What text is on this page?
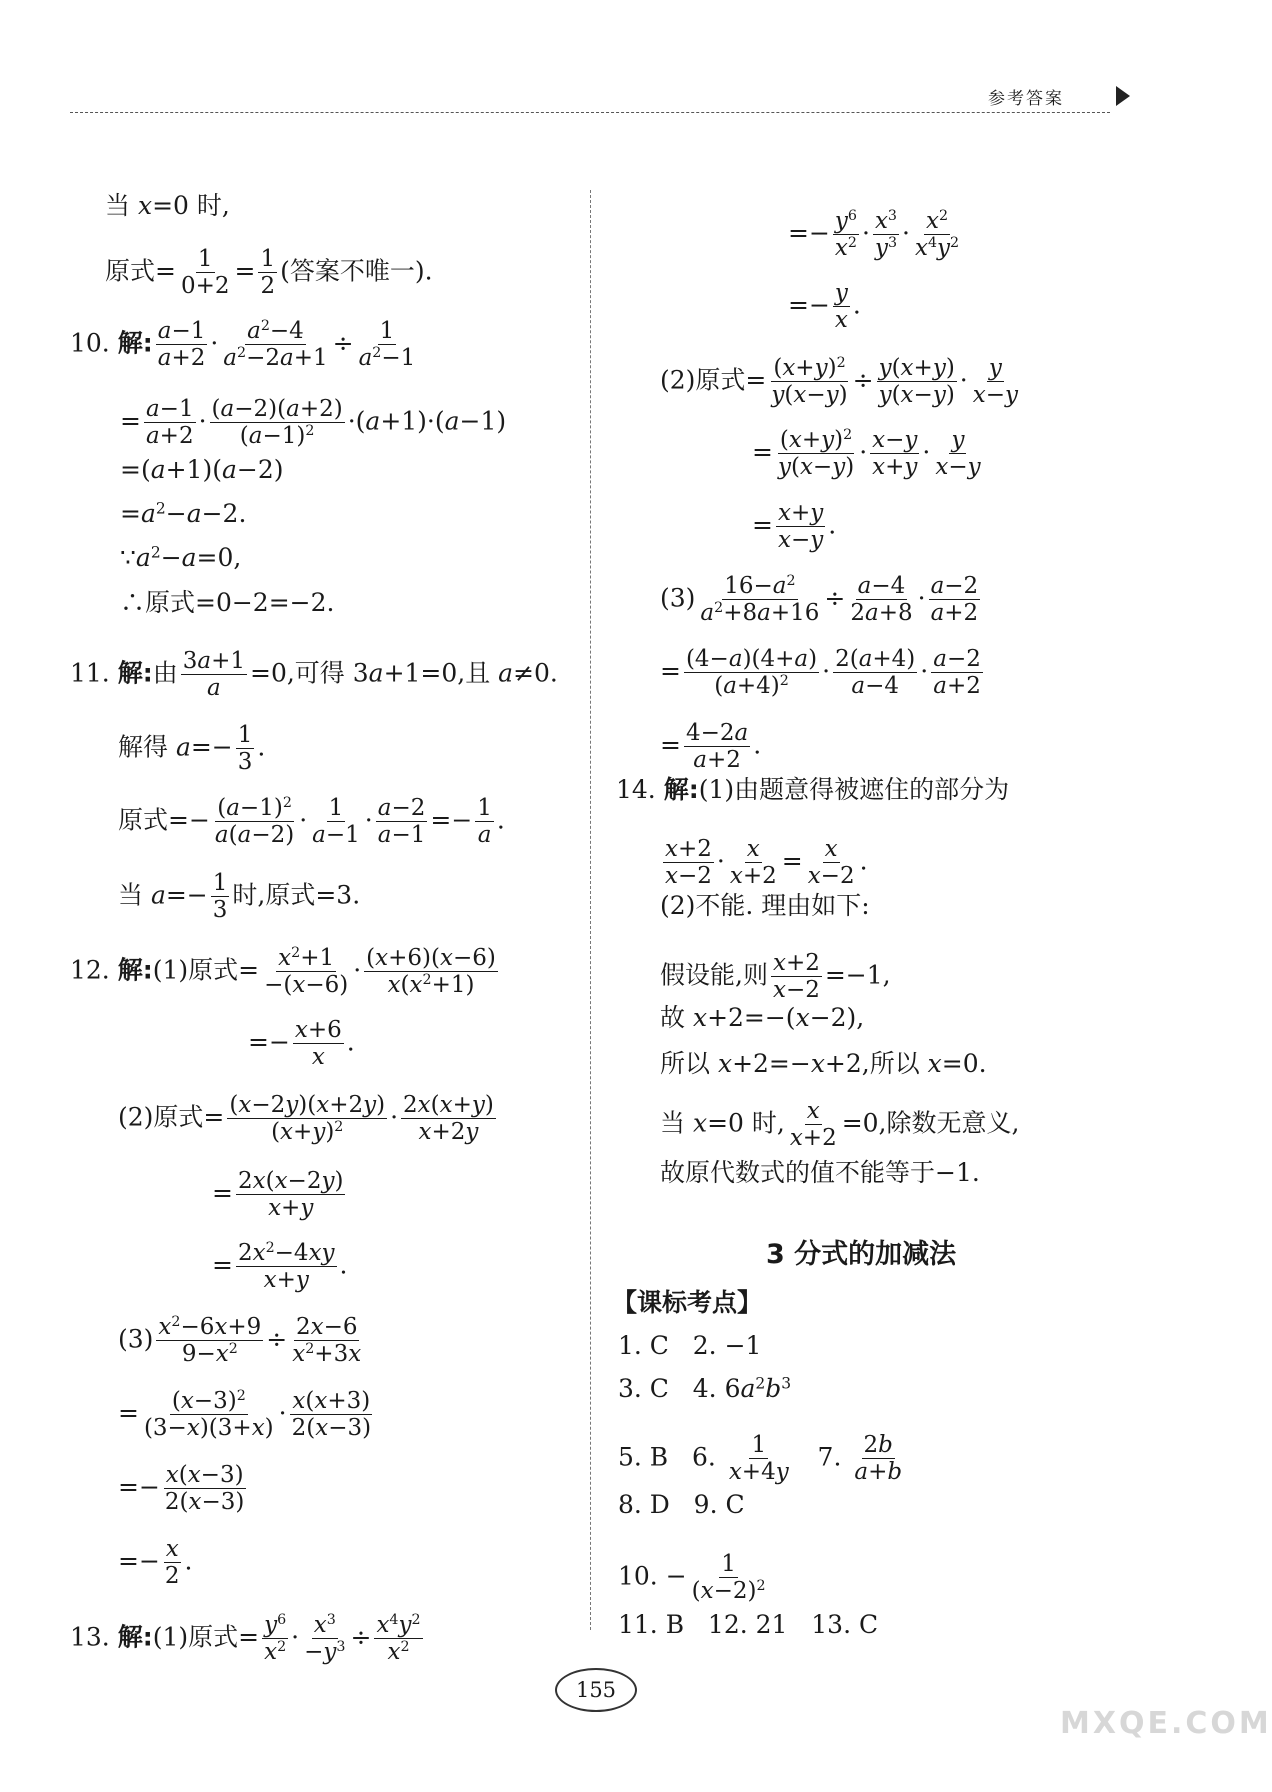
参考答案
当 x=0 时,
原式= $\frac{1}{0+2} = \frac{1}{2}$ (答案不唯一).
10. 解: $\frac{a-1}{a+2} \cdot \frac{a^2-4}{a^2-2a+1} \div \frac{1}{a^2-1}$
= $\frac{a-1}{a+2} \cdot \frac{(a-2)(a+2)}{(a-1)^2} \cdot(a+1)\cdot(a-1)$
=(a+1)(a−2)
$=a^2-a-2$.
$\because a^2-a=0$,
∴原式=0−2=−2.
11. 解:由 $\frac{3a+1}{a} =0$,可得 3a+1=0,且 a≠0.
解得 $a=- \frac{1}{3}$ .
原式=− $\frac{(a-1)^2}{a(a-2)} \cdot \frac{1}{a-1} \cdot \frac{a-2}{a-1} =- \frac{1}{a}$ .
当 $a=- \frac{1}{3}$ 时,原式=3.
12. 解:(1)原式= $\frac{x^2+1}{-(x-6)} \cdot \frac{(x+6)(x-6)}{x(x^2+1)}$
=− $\frac{x+6}{x}$ .
(2)原式= $\frac{(x-2y)(x+2y)}{(x+y)^2} \cdot \frac{2x(x+y)}{x+2y}$
= $\frac{2x(x-2y)}{x+y}$
= $\frac{2x^2-4xy}{x+y}$ .
$(3) \frac{x^2-6x+9}{9-x^2} \div \frac{2x-6}{x^2+3x}$
= $\frac{(x-3)^2}{(3-x)(3+x)} \cdot \frac{x(x+3)}{2(x-3)}$
=− $\frac{x(x-3)}{2(x-3)}$
=− $\frac{x}{2}$ .
13. 解:(1)原式= $\frac{y^6}{x^2} \cdot \frac{x^3}{-y^3} \div \frac{x^4y^2}{x^2}$
=− $\frac{y^6}{x^2} \cdot \frac{x^3}{y^3} \cdot \frac{x^2}{x^4y^2}$
=− $\frac{y}{x}$ .
(2)原式= $\frac{(x+y)^2}{y(x-y)} \div \frac{y(x+y)}{y(x-y)} \cdot \frac{y}{x-y}$
= $\frac{(x+y)^2}{y(x-y)} \cdot \frac{x-y}{x+y} \cdot \frac{y}{x-y}$
= $\frac{x+y}{x-y}$ .
$(3) \frac{16-a^2}{a^2+8a+16} \div \frac{a-4}{2a+8} \cdot \frac{a-2}{a+2}$
= $\frac{(4-a)(4+a)}{(a+4)^2} \cdot \frac{2(a+4)}{a-4} \cdot \frac{a-2}{a+2}$
= $\frac{4-2a}{a+2}$ .
14. 解:(1)由题意得被遮住的部分为
$\frac{x+2}{x-2} \cdot \frac{x}{x+2} = \frac{x}{x-2}$ .
(2)不能. 理由如下:
假设能,则 $\frac{x+2}{x-2} =-1$,
故 x+2=−(x−2),
所以 x+2=−x+2,所以 x=0.
当 x=0 时, $\frac{x}{x+2} =0$,除数无意义,
故原代数式的值不能等于−1.
3 分式的加减法
【课标考点】
1. C   2. −1
3. C   4. $6a^2b^3$
5. B   6. $\frac{1}{x+4y} 7$. $\frac{2b}{a+b}$
8. D   9. C
10. − $\frac{1}{(x-2)^2}$
11. B   12. 21   13. C
155
MXQE.COM
